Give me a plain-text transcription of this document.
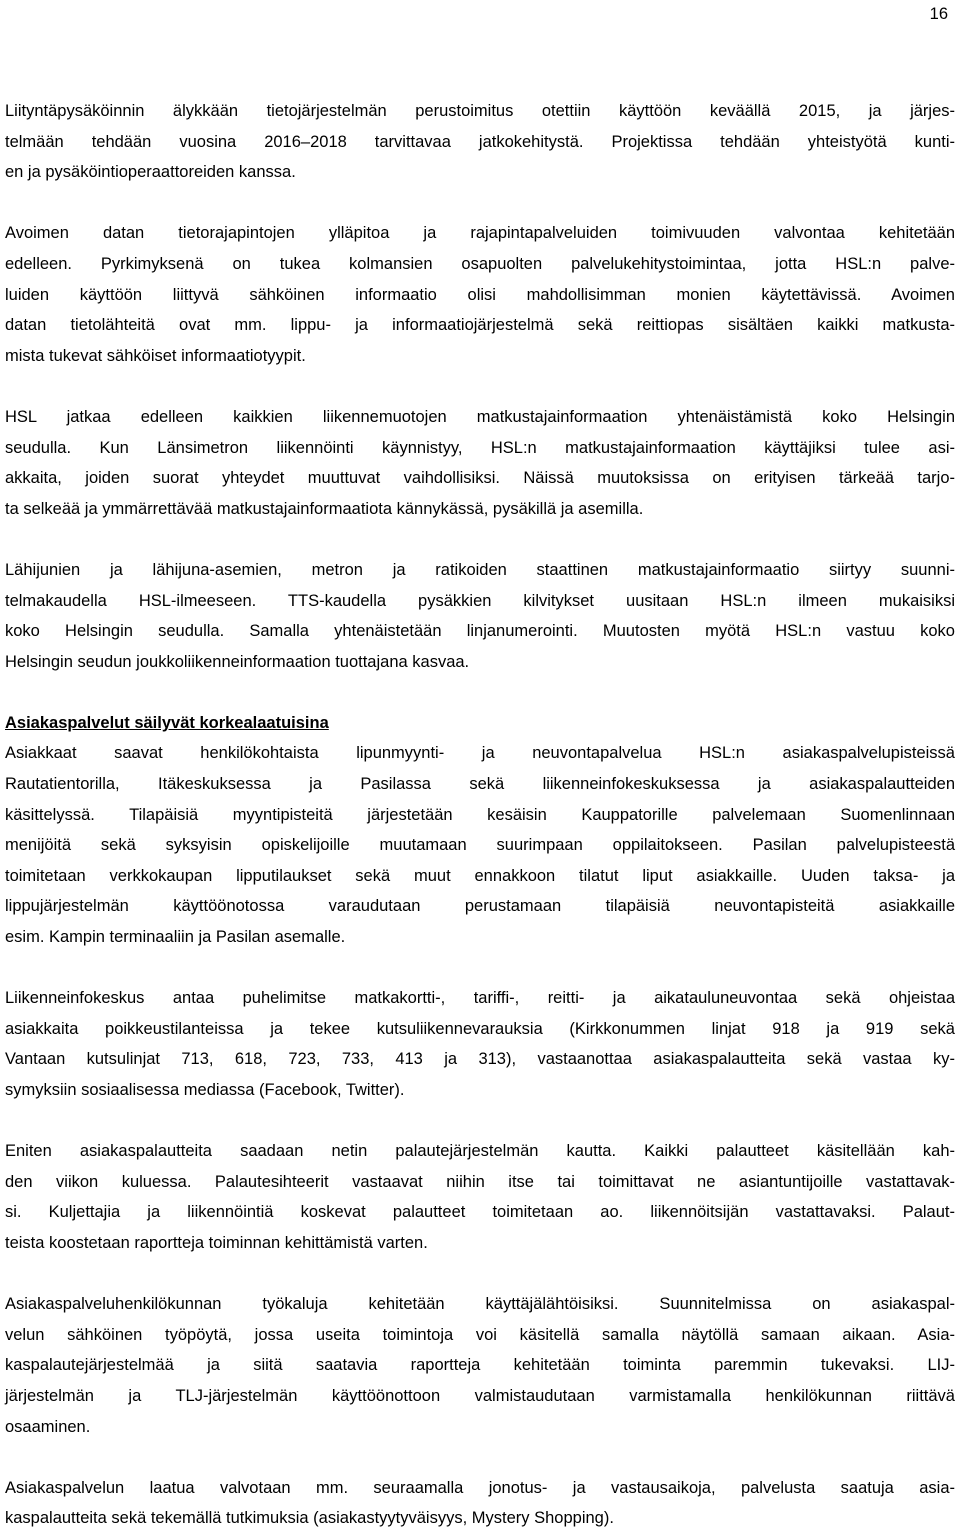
16
Liityntäpysäköinnin älykkään tietojärjestelmän perustoimitus otettiin käyttöön keväällä 2015, ja järjes-
telmään tehdään vuosina 2016–2018 tarvittavaa jatkokehitystä. Projektissa tehdään yhteistyötä kunti-
en ja pysäköintioperaattoreiden kanssa.
Avoimen datan tietorajapintojen ylläpitoa ja rajapintapalveluiden toimivuuden valvontaa kehitetään
edelleen. Pyrkimyksenä on tukea kolmansien osapuolten palvelukehitystoimintaa, jotta HSL:n palve-
luiden käyttöön liittyvä sähköinen informaatio olisi mahdollisimman monien käytettävissä. Avoimen
datan tietolähteitä ovat mm. lippu- ja informaatiojärjestelmä sekä reittiopas sisältäen kaikki matkusta-
mista tukevat sähköiset informaatiotyypit.
HSL jatkaa edelleen kaikkien liikennemuotojen matkustajainformaation yhtenäistämistä koko Helsingin
seudulla. Kun Länsimetron liikennöinti käynnistyy, HSL:n matkustajainformaation käyttäjiksi tulee asi-
akkaita, joiden suorat yhteydet muuttuvat vaihdollisiksi. Näissä muutoksissa on erityisen tärkeää tarjo-
ta selkeää ja ymmärrettävää matkustajainformaatiota kännykässä, pysäkillä ja asemilla.
Lähijunien ja lähijuna-asemien, metron ja ratikoiden staattinen matkustajainformaatio siirtyy suunni-
telmakaudella HSL-ilmeeseen. TTS-kaudella pysäkkien kilvitykset uusitaan HSL:n ilmeen mukaisiksi
koko Helsingin seudulla. Samalla yhtenäistetään linjanumerointi. Muutosten myötä HSL:n vastuu koko
Helsingin seudun joukkoliikenneinformaation tuottajana kasvaa.
Asiakaspalvelut säilyvät korkealaatuisina
Asiakkaat saavat henkilökohtaista lipunmyynti- ja neuvontapalvelua HSL:n asiakaspalvelupisteissä
Rautatientorilla, Itäkeskuksessa ja Pasilassa sekä liikenneinfokeskuksessa ja asiakaspalautteiden
käsittelyssä. Tilapäisiä myyntipisteitä järjestetään kesäisin Kauppatorille palvelemaan Suomenlinnaan
menijöitä sekä syksyisin opiskelijoille muutamaan suurimpaan oppilaitokseen. Pasilan palvelupisteestä
toimitetaan verkkokaupan lipputilaukset sekä muut ennakkoon tilatut liput asiakkaille. Uuden taksa- ja
lippujärjestelmän käyttöönotossa varaudutaan perustamaan tilapäisiä neuvontapisteitä asiakkaille
esim. Kampin terminaaliin ja Pasilan asemalle.
Liikenneinfokeskus antaa puhelimitse matkakortti-, tariffi-, reitti- ja aikatauluneuvontaa sekä ohjeistaa
asiakkaita poikkeustilanteissa ja tekee kutsuliikennevarauksia (Kirkkonummen linjat 918 ja 919 sekä
Vantaan kutsulinjat 713, 618, 723, 733, 413 ja 313), vastaanottaa asiakaspalautteita sekä vastaa ky-
symyksiin sosiaalisessa mediassa (Facebook, Twitter).
Eniten asiakaspalautteita saadaan netin palautejärjestelmän kautta. Kaikki palautteet käsitellään kah-
den viikon kuluessa. Palautesihteerit vastaavat niihin itse tai toimittavat ne asiantuntijoille vastattavak-
si. Kuljettajia ja liikennöintiä koskevat palautteet toimitetaan ao. liikennöitsijän vastattavaksi. Palaut-
teista koostetaan raportteja toiminnan kehittämistä varten.
Asiakaspalveluhenkilökunnan työkaluja kehitetään käyttäjälähtöisiksi. Suunnitelmissa on asiakaspal-
velun sähköinen työpöytä, jossa useita toimintoja voi käsitellä samalla näytöllä samaan aikaan. Asia-
kaspalautejärjestelmää ja siitä saatavia raportteja kehitetään toiminta paremmin tukevaksi. LIJ-
järjestelmän ja TLJ-järjestelmän käyttöönottoon valmistaudutaan varmistamalla henkilökunnan riittävä
osaaminen.
Asiakaspalvelun laatua valvotaan mm. seuraamalla jonotus- ja vastausaikoja, palvelusta saatuja asia-
kaspalautteita sekä tekemällä tutkimuksia (asiakastyytyväisyys, Mystery Shopping).
